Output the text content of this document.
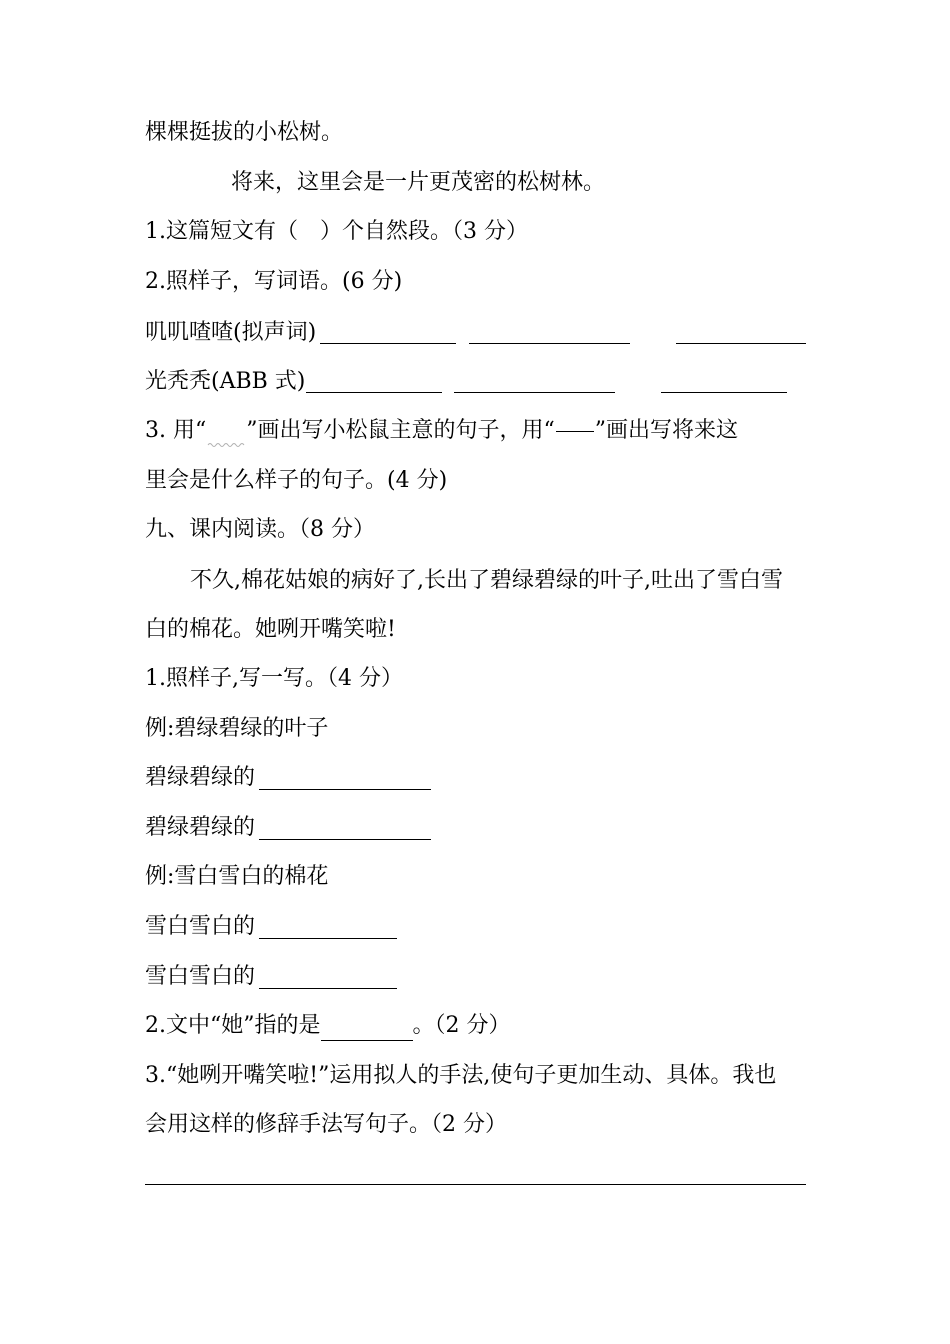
棵棵挺拔的小松树。
将来，这里会是一片更茂密的松树林。
1.这篇短文有（　）个自然段。（3 分）
2.照样子，写词语。(6 分)
叽叽喳喳(拟声词)
光秃秃(ABB 式)
3. 用“ ”画出写小松鼠主意的句子，用“ ”画出写将来这
里会是什么样子的句子。(4 分)
九、课内阅读。（8 分）
不久,棉花姑娘的病好了,长出了碧绿碧绿的叶子,吐出了雪白雪
白的棉花。她咧开嘴笑啦!
1.照样子,写一写。（4 分）
例:碧绿碧绿的叶子
碧绿碧绿的
碧绿碧绿的
例:雪白雪白的棉花
雪白雪白的
雪白雪白的
2.文中“她”指的是	。（2 分）
3.“她咧开嘴笑啦!”运用拟人的手法,使句子更加生动、具体。我也
会用这样的修辞手法写句子。（2 分）
